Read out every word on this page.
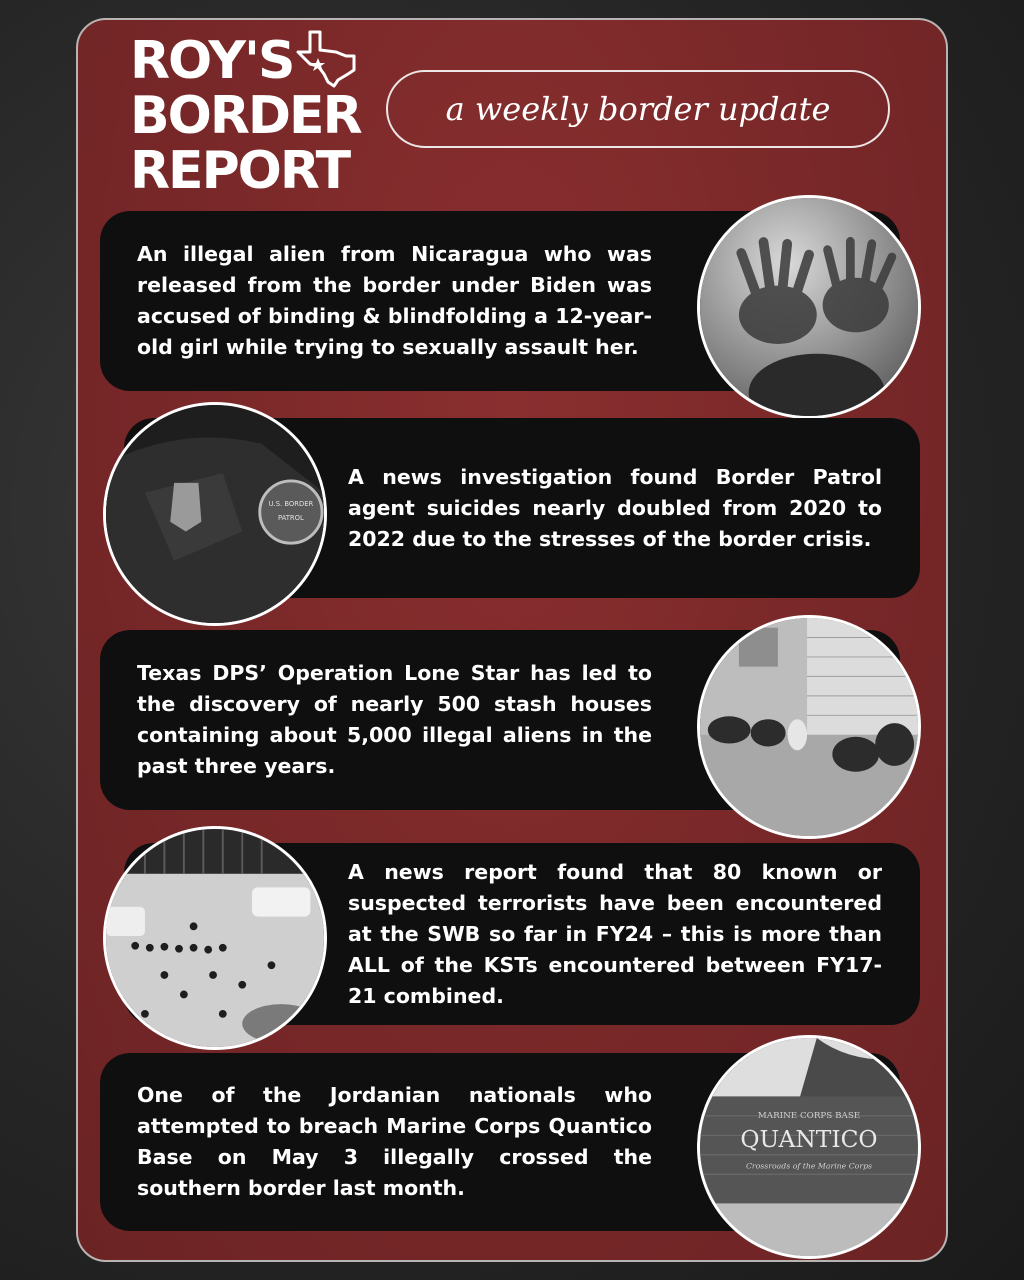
ROY'S
BORDER
REPORT
a weekly border update

An illegal alien from Nicaragua who was released from the border under Biden was accused of binding & blindfolding a 12-year-old girl while trying to sexually assault her.

A news investigation found Border Patrol agent suicides nearly doubled from 2020 to 2022 due to the stresses of the border crisis.

U.S. BORDER
PATROL

Texas DPS’ Operation Lone Star has led to the discovery of nearly 500 stash houses containing about 5,000 illegal aliens in the past three years.

A news report found that 80 known or suspected terrorists have been encountered at the SWB so far in FY24 – this is more than ALL of the KSTs encountered between FY17-21 combined.

One of the Jordanian nationals who attempted to breach Marine Corps Quantico Base on May 3 illegally crossed the southern border last month.

MARINE CORPS BASE
QUANTICO
Crossroads of the Marine Corps
